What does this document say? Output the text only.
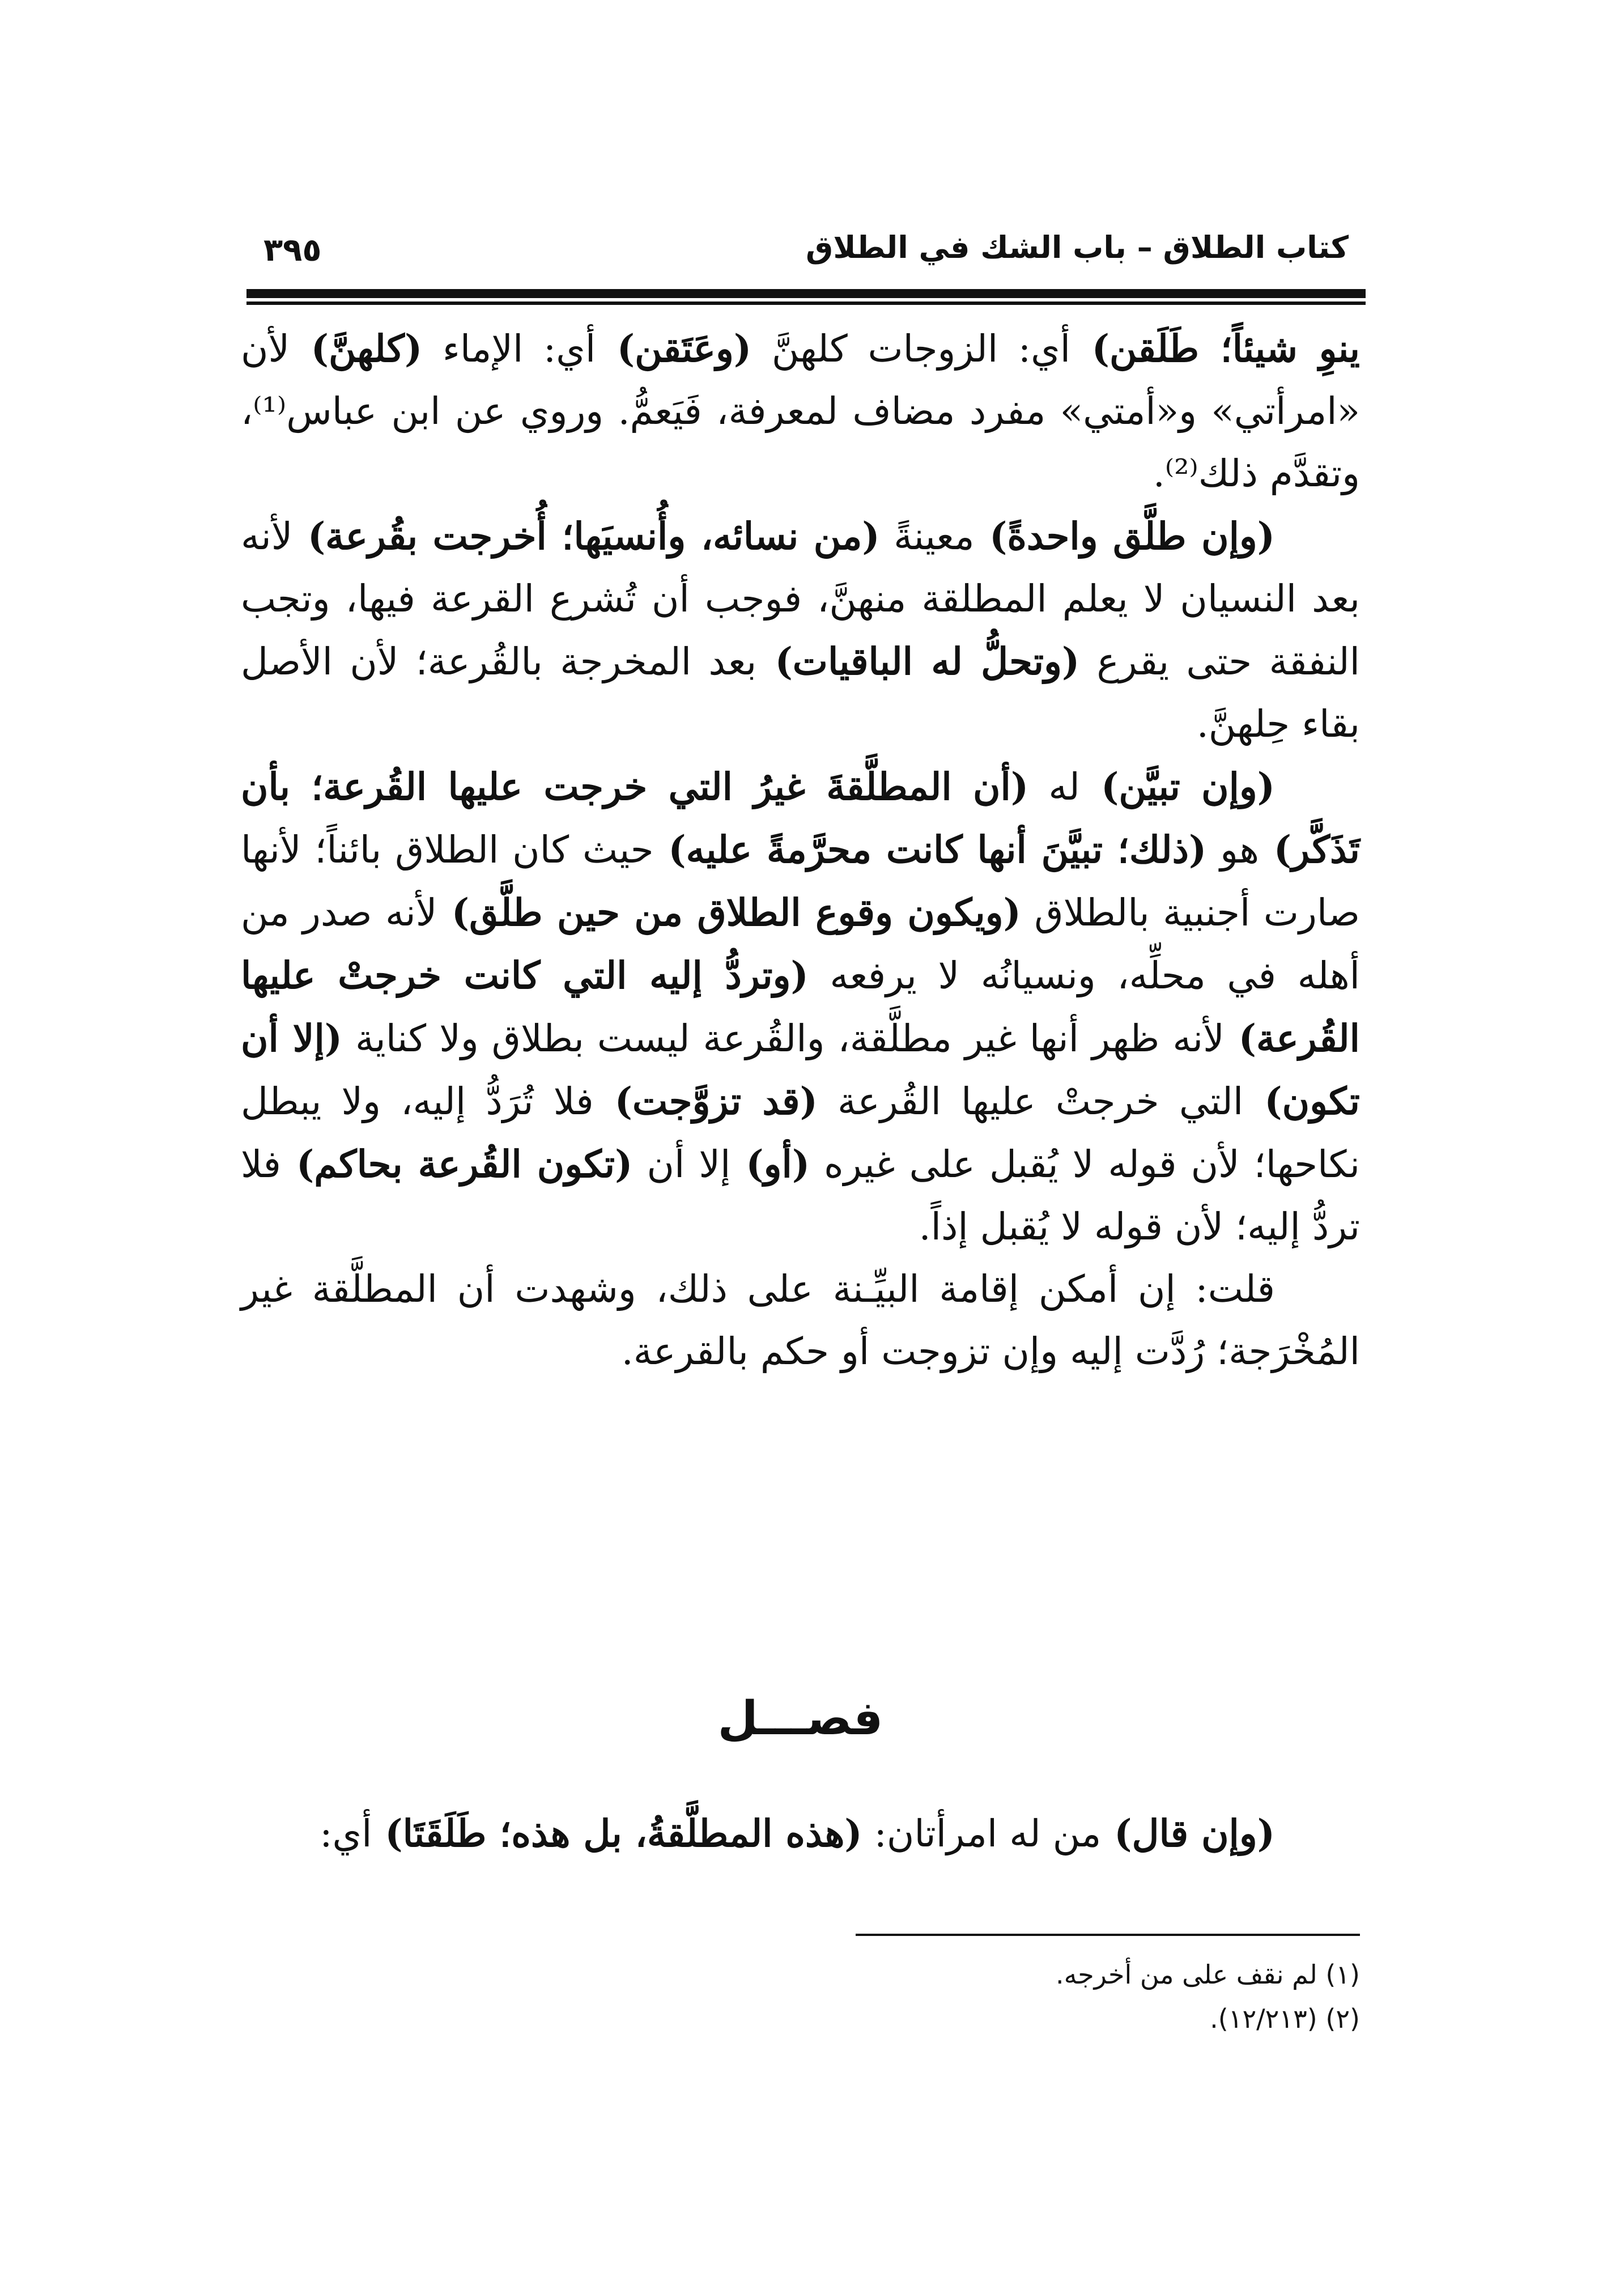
كتاب الطلاق – باب الشك في الطلاق
٣٩٥

ينوِ شيئاً؛ طَلَقن) أي: الزوجات كلهنَّ (وعَتَقن) أي: الإماء (كلهنَّ) لأن «امرأتي» و«أمتي» مفرد مضاف لمعرفة، فَيَعمُّ. وروي عن ابن عباس⁽¹⁾، وتقدَّم ذلك⁽²⁾.

(وإن طلَّق واحدةً) معينةً (من نسائه، وأُنسيَها؛ أُخرجت بقُرعة) لأنه بعد النسيان لا يعلم المطلقة منهنَّ، فوجب أن تُشرع القرعة فيها، وتجب النفقة حتى يقرع (وتحلُّ له الباقيات) بعد المخرجة بالقُرعة؛ لأن الأصل بقاء حِلهنَّ.

(وإن تبيَّن) له (أن المطلَّقةَ غيرُ التي خرجت عليها القُرعة؛ بأن تَذَكَّر) هو (ذلك؛ تبيَّنَ أنها كانت محرَّمةً عليه) حيث كان الطلاق بائناً؛ لأنها صارت أجنبية بالطلاق (ويكون وقوع الطلاق من حين طلَّق) لأنه صدر من أهله في محلِّه، ونسيانُه لا يرفعه (وتردُّ إليه التي كانت خرجتْ عليها القُرعة) لأنه ظهر أنها غير مطلَّقة، والقُرعة ليست بطلاق ولا كناية (إلا أن تكون) التي خرجتْ عليها القُرعة (قد تزوَّجت) فلا تُرَدُّ إليه، ولا يبطل نكاحها؛ لأن قوله لا يُقبل على غيره (أو) إلا أن (تكون القُرعة بحاكم) فلا تردُّ إليه؛ لأن قوله لا يُقبل إذاً.

قلت: إن أمكن إقامة البيِّـنة على ذلك، وشهدت أن المطلَّقة غير المُخْرَجة؛ رُدَّت إليه وإن تزوجت أو حكم بالقرعة.

فصـــل

(وإن قال) من له امرأتان: (هذه المطلَّقةُ، بل هذه؛ طَلَقَتَا) أي:

(١) لم نقف على من أخرجه.

(٢) (١٢/٢١٣).
